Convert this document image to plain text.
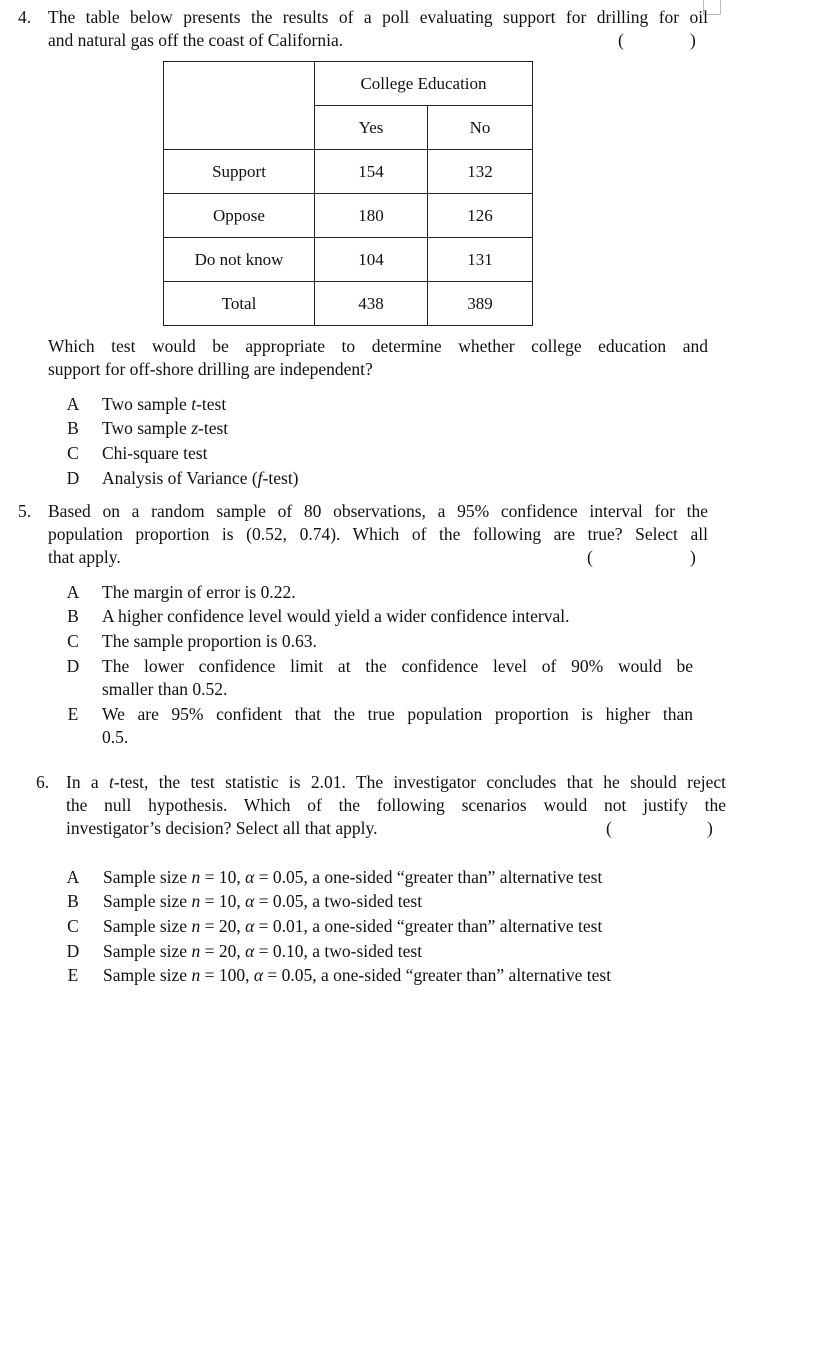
4. The table below presents the results of a poll evaluating support for drilling for oil
and natural gas off the coast of California.	(	)
	College Education	
	Yes	No
Support	154	132
Oppose	180	126
Do not know	104	131
Total	438	389
Which test would be appropriate to determine whether college education and
support for off-shore drilling are independent?
A Two sample t-test
B Two sample z-test
C Chi-square test
D Analysis of Variance (f-test)
5. Based on a random sample of 80 observations, a 95% confidence interval for the
population proportion is (0.52, 0.74). Which of the following are true? Select all
that apply.	(	)
A The margin of error is 0.22.
B A higher confidence level would yield a wider confidence interval.
C The sample proportion is 0.63.
D The lower confidence limit at the confidence level of 90% would be
smaller than 0.52.
E We are 95% confident that the true population proportion is higher than
0.5.
6. In a t-test, the test statistic is 2.01. The investigator concludes that he should reject
the null hypothesis. Which of the following scenarios would not justify the
investigator’s decision? Select all that apply.	(	)
A Sample size n = 10, α = 0.05, a one-sided “greater than” alternative test
B Sample size n = 10, α = 0.05, a two-sided test
C Sample size n = 20, α = 0.01, a one-sided “greater than” alternative test
D Sample size n = 20, α = 0.10, a two-sided test
E Sample size n = 100, α = 0.05, a one-sided “greater than” alternative test
